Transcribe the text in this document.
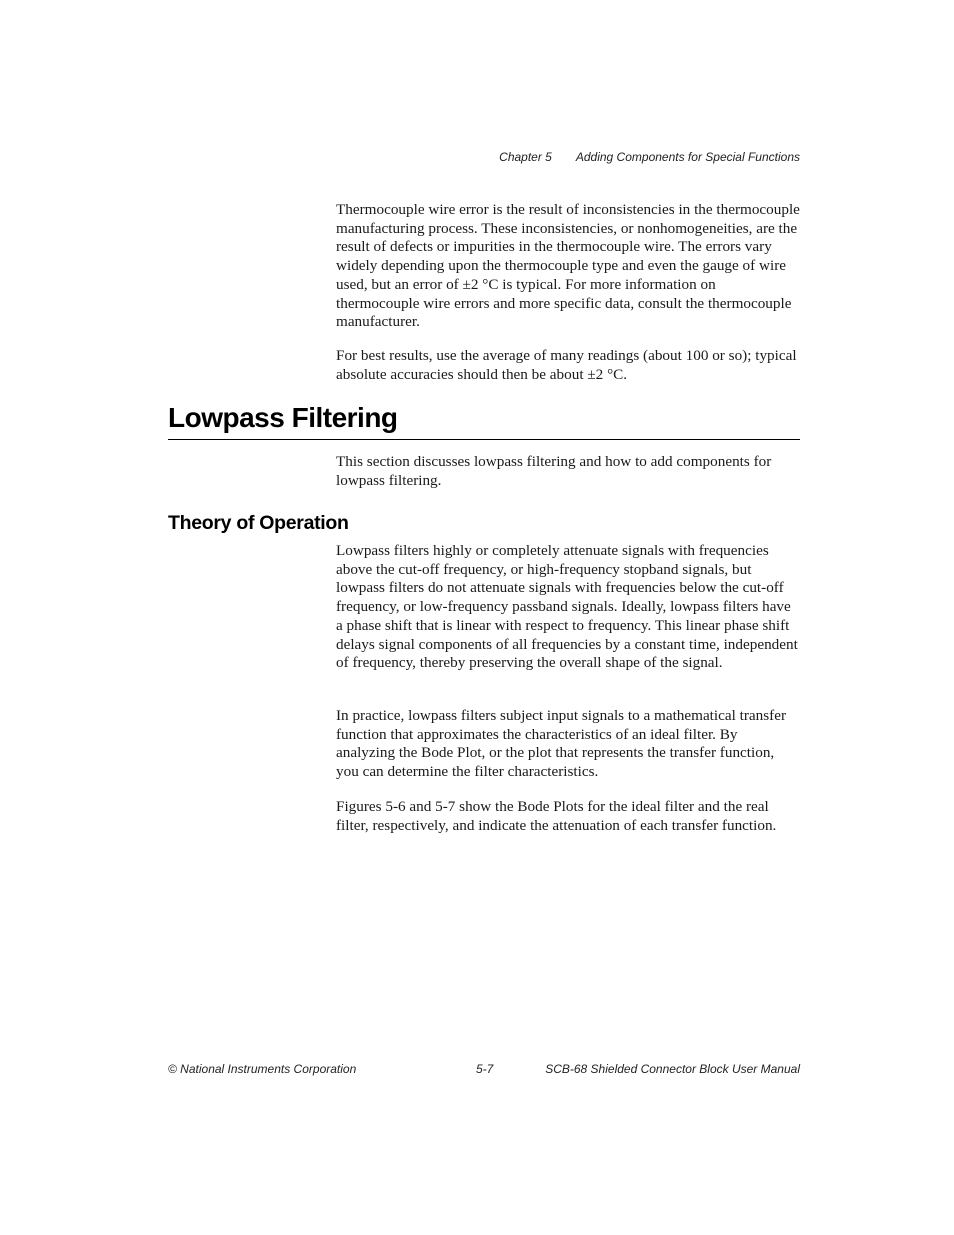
Chapter 5 Adding Components for Special Functions

Thermocouple wire error is the result of inconsistencies in the thermocouple manufacturing process. These inconsistencies, or nonhomogeneities, are the result of defects or impurities in the thermocouple wire. The errors vary widely depending upon the thermocouple type and even the gauge of wire used, but an error of ±2 °C is typical. For more information on thermocouple wire errors and more specific data, consult the thermocouple manufacturer.

For best results, use the average of many readings (about 100 or so); typical absolute accuracies should then be about ±2 °C.

Lowpass Filtering

This section discusses lowpass filtering and how to add components for lowpass filtering.

Theory of Operation

Lowpass filters highly or completely attenuate signals with frequencies above the cut-off frequency, or high-frequency stopband signals, but lowpass filters do not attenuate signals with frequencies below the cut-off frequency, or low-frequency passband signals. Ideally, lowpass filters have a phase shift that is linear with respect to frequency. This linear phase shift delays signal components of all frequencies by a constant time, independent of frequency, thereby preserving the overall shape of the signal.

In practice, lowpass filters subject input signals to a mathematical transfer function that approximates the characteristics of an ideal filter. By analyzing the Bode Plot, or the plot that represents the transfer function, you can determine the filter characteristics.

Figures 5-6 and 5-7 show the Bode Plots for the ideal filter and the real filter, respectively, and indicate the attenuation of each transfer function.

© National Instruments Corporation	5-7	SCB-68 Shielded Connector Block User Manual
